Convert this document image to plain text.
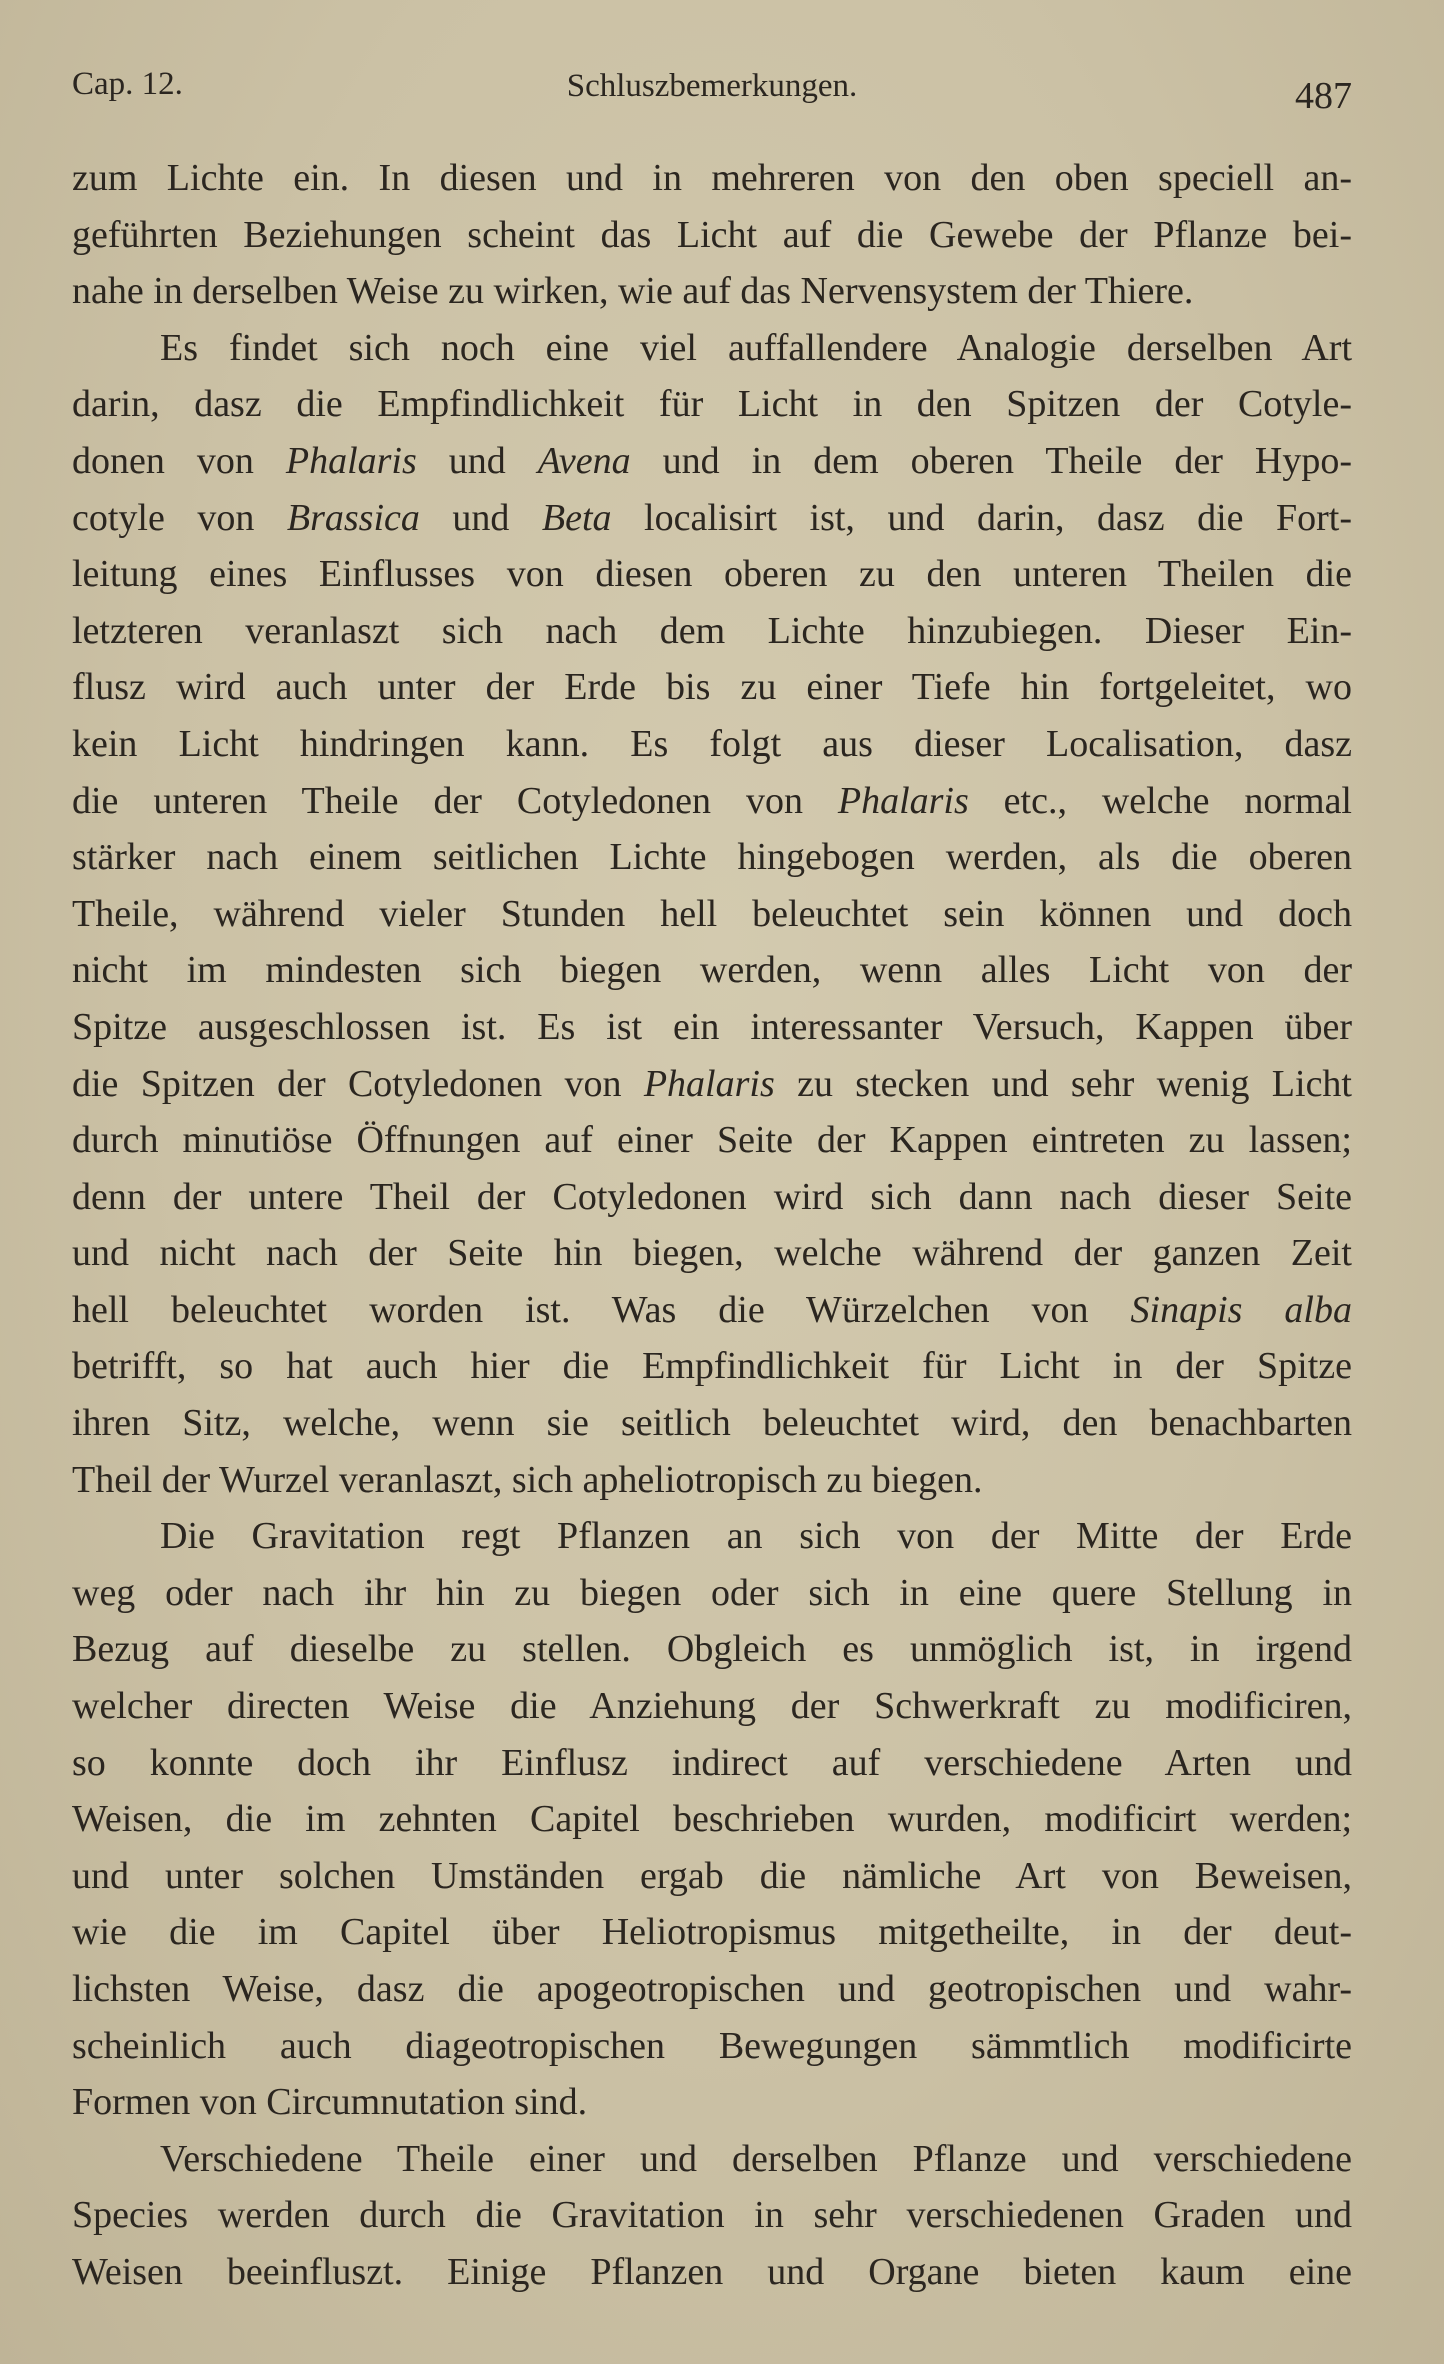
Cap. 12.	Schluszbemerkungen.	487
zum Lichte ein. In diesen und in mehreren von den oben speciell an-
geführten Beziehungen scheint das Licht auf die Gewebe der Pflanze bei-
nahe in derselben Weise zu wirken, wie auf das Nervensystem der Thiere.
Es findet sich noch eine viel auffallendere Analogie derselben Art
darin, dasz die Empfindlichkeit für Licht in den Spitzen der Cotyle-
donen von Phalaris und Avena und in dem oberen Theile der Hypo-
cotyle von Brassica und Beta localisirt ist, und darin, dasz die Fort-
leitung eines Einflusses von diesen oberen zu den unteren Theilen die
letzteren veranlaszt sich nach dem Lichte hinzubiegen. Dieser Ein-
flusz wird auch unter der Erde bis zu einer Tiefe hin fortgeleitet, wo
kein Licht hindringen kann. Es folgt aus dieser Localisation, dasz
die unteren Theile der Cotyledonen von Phalaris etc., welche normal
stärker nach einem seitlichen Lichte hingebogen werden, als die oberen
Theile, während vieler Stunden hell beleuchtet sein können und doch
nicht im mindesten sich biegen werden, wenn alles Licht von der
Spitze ausgeschlossen ist. Es ist ein interessanter Versuch, Kappen über
die Spitzen der Cotyledonen von Phalaris zu stecken und sehr wenig Licht
durch minutiöse Öffnungen auf einer Seite der Kappen eintreten zu lassen;
denn der untere Theil der Cotyledonen wird sich dann nach dieser Seite
und nicht nach der Seite hin biegen, welche während der ganzen Zeit
hell beleuchtet worden ist. Was die Würzelchen von Sinapis alba
betrifft, so hat auch hier die Empfindlichkeit für Licht in der Spitze
ihren Sitz, welche, wenn sie seitlich beleuchtet wird, den benachbarten
Theil der Wurzel veranlaszt, sich apheliotropisch zu biegen.
Die Gravitation regt Pflanzen an sich von der Mitte der Erde
weg oder nach ihr hin zu biegen oder sich in eine quere Stellung in
Bezug auf dieselbe zu stellen. Obgleich es unmöglich ist, in irgend
welcher directen Weise die Anziehung der Schwerkraft zu modificiren,
so konnte doch ihr Einflusz indirect auf verschiedene Arten und
Weisen, die im zehnten Capitel beschrieben wurden, modificirt werden;
und unter solchen Umständen ergab die nämliche Art von Beweisen,
wie die im Capitel über Heliotropismus mitgetheilte, in der deut-
lichsten Weise, dasz die apogeotropischen und geotropischen und wahr-
scheinlich auch diageotropischen Bewegungen sämmtlich modificirte
Formen von Circumnutation sind.
Verschiedene Theile einer und derselben Pflanze und verschiedene
Species werden durch die Gravitation in sehr verschiedenen Graden und
Weisen beeinfluszt. Einige Pflanzen und Organe bieten kaum eine
